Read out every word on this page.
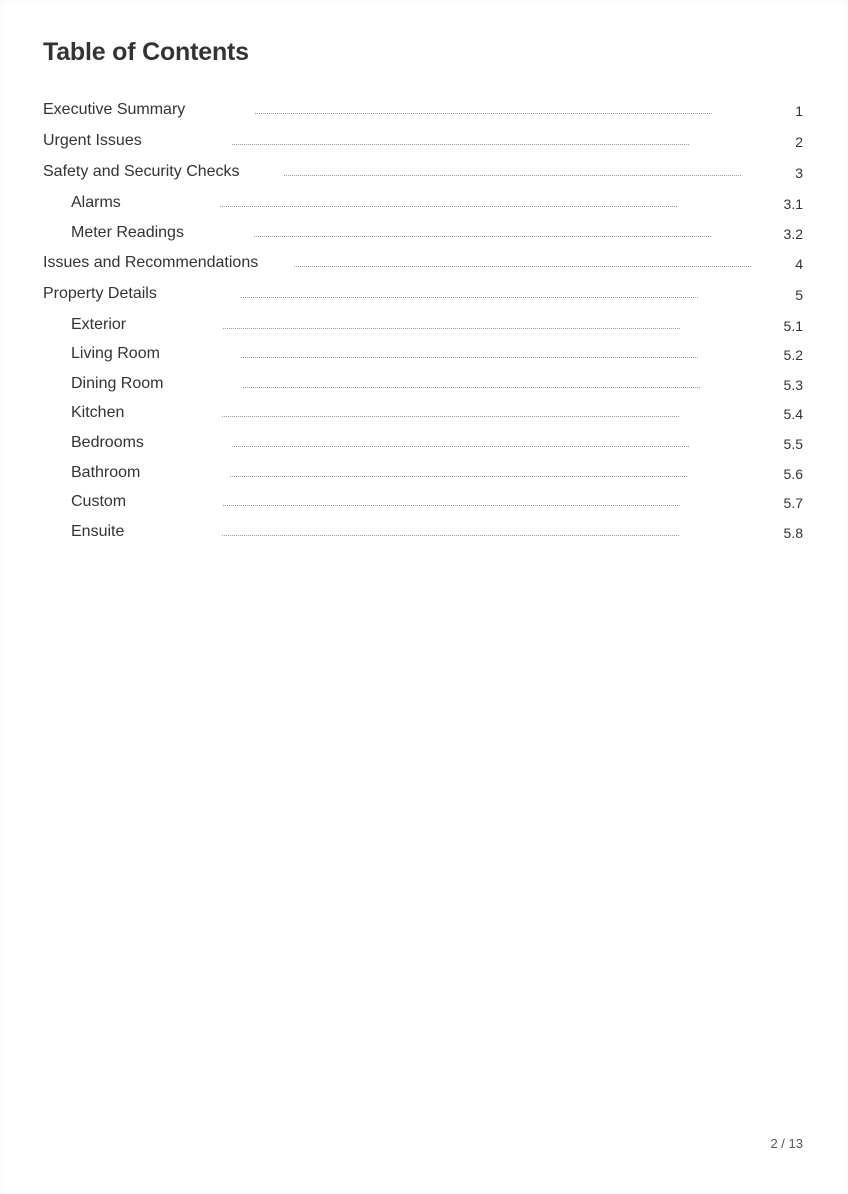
Table of Contents
Executive Summary	1
Urgent Issues	2
Safety and Security Checks	3
Alarms	3.1
Meter Readings	3.2
Issues and Recommendations	4
Property Details	5
Exterior	5.1
Living Room	5.2
Dining Room	5.3
Kitchen	5.4
Bedrooms	5.5
Bathroom	5.6
Custom	5.7
Ensuite	5.8
2 / 13
